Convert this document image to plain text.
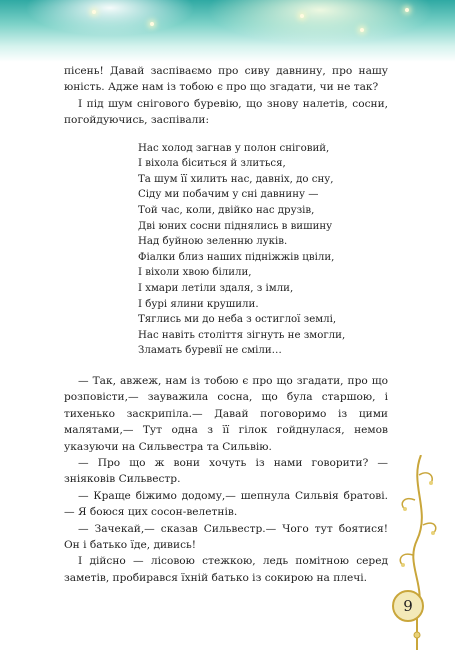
пісень! Давай заспіваємо про сиву давнину, про нашу юність. Адже нам із тобою є про що згадати, чи не так?

І під шум снігового буревію, що знову налетів, сосни, погойдуючись, заспівали:

Нас холод загнав у полон сніговий,
І віхола біситься й злиться,
Та шум її хилить нас, давніх, до сну,
Сіду ми побачим у сні давнину —
Той час, коли, двійко нас друзів,
Дві юних сосни піднялись в вишину
Над буйною зеленню луків.
Фіалки близ наших підніжжів цвіли,
І віхоли хвою білили,
І хмари летіли здаля, з імли,
І бурі ялини крушили.
Тяглись ми до неба з остиглої землі,
Нас навіть століття зігнуть не змогли,
Зламать буревії не сміли…

— Так, авжеж, нам із тобою є про що згадати, про що розповісти,— зауважила сосна, що була старшою, і тихенько заскрипіла.— Давай поговоримо із цими малятами,— Тут одна з її гілок гойднулася, немов указуючи на Сильвестра та Сильвію.

— Про що ж вони хочуть із нами говорити? — зніяковів Сильвестр.

— Краще біжимо додому,— шепнула Сильвія братові.— Я боюся цих сосон-велетнів.

— Зачекай,— сказав Сильвестр.— Чого тут боятися! Он і батько їде, дивись!

І дійсно — лісовою стежкою, ледь помітною серед заметів, пробирався їхній батько із сокирою на плечі.

9
